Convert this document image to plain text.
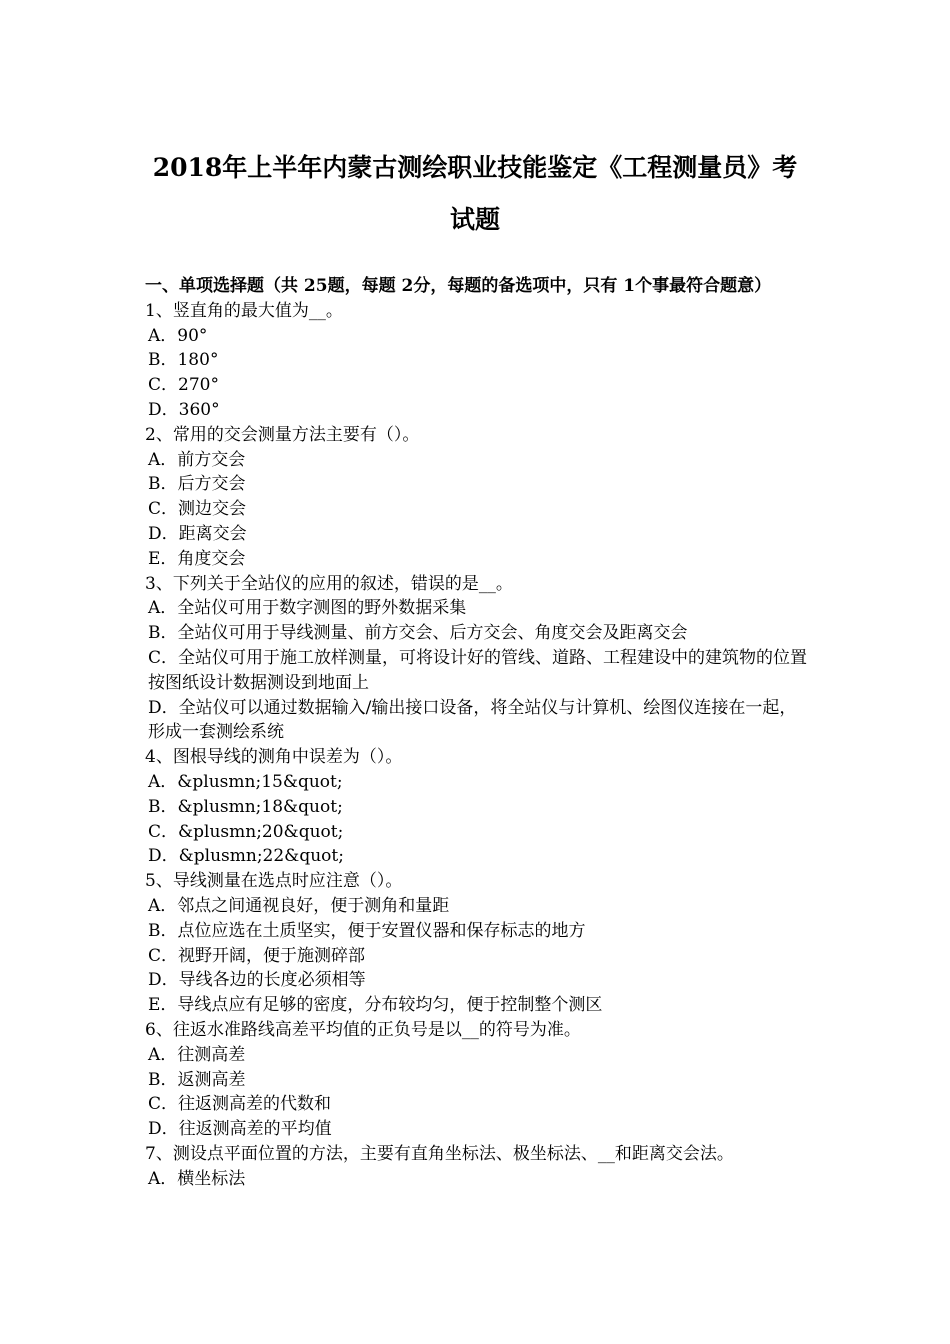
2018年上半年内蒙古测绘职业技能鉴定《工程测量员》考
试题
一、单项选择题（共 25题，每题 2分，每题的备选项中，只有 1个事最符合题意）
1、竖直角的最大值为__。
A．90°
B．180°
C．270°
D．360°
2、常用的交会测量方法主要有（）。
A．前方交会
B．后方交会
C．测边交会
D．距离交会
E．角度交会
3、下列关于全站仪的应用的叙述，错误的是__。
A．全站仪可用于数字测图的野外数据采集
B．全站仪可用于导线测量、前方交会、后方交会、角度交会及距离交会
C．全站仪可用于施工放样测量，可将设计好的管线、道路、工程建设中的建筑物的位置按图纸设计数据测设到地面上
D．全站仪可以通过数据输入/输出接口设备，将全站仪与计算机、绘图仪连接在一起，形成一套测绘系统
4、图根导线的测角中误差为（）。
A．&plusmn;15&quot;
B．&plusmn;18&quot;
C．&plusmn;20&quot;
D．&plusmn;22&quot;
5、导线测量在选点时应注意（）。
A．邻点之间通视良好，便于测角和量距
B．点位应选在土质坚实，便于安置仪器和保存标志的地方
C．视野开阔，便于施测碎部
D．导线各边的长度必须相等
E．导线点应有足够的密度，分布较均匀，便于控制整个测区
6、往返水准路线高差平均值的正负号是以__的符号为准。
A．往测高差
B．返测高差
C．往返测高差的代数和
D．往返测高差的平均值
7、测设点平面位置的方法，主要有直角坐标法、极坐标法、__和距离交会法。
A．横坐标法
